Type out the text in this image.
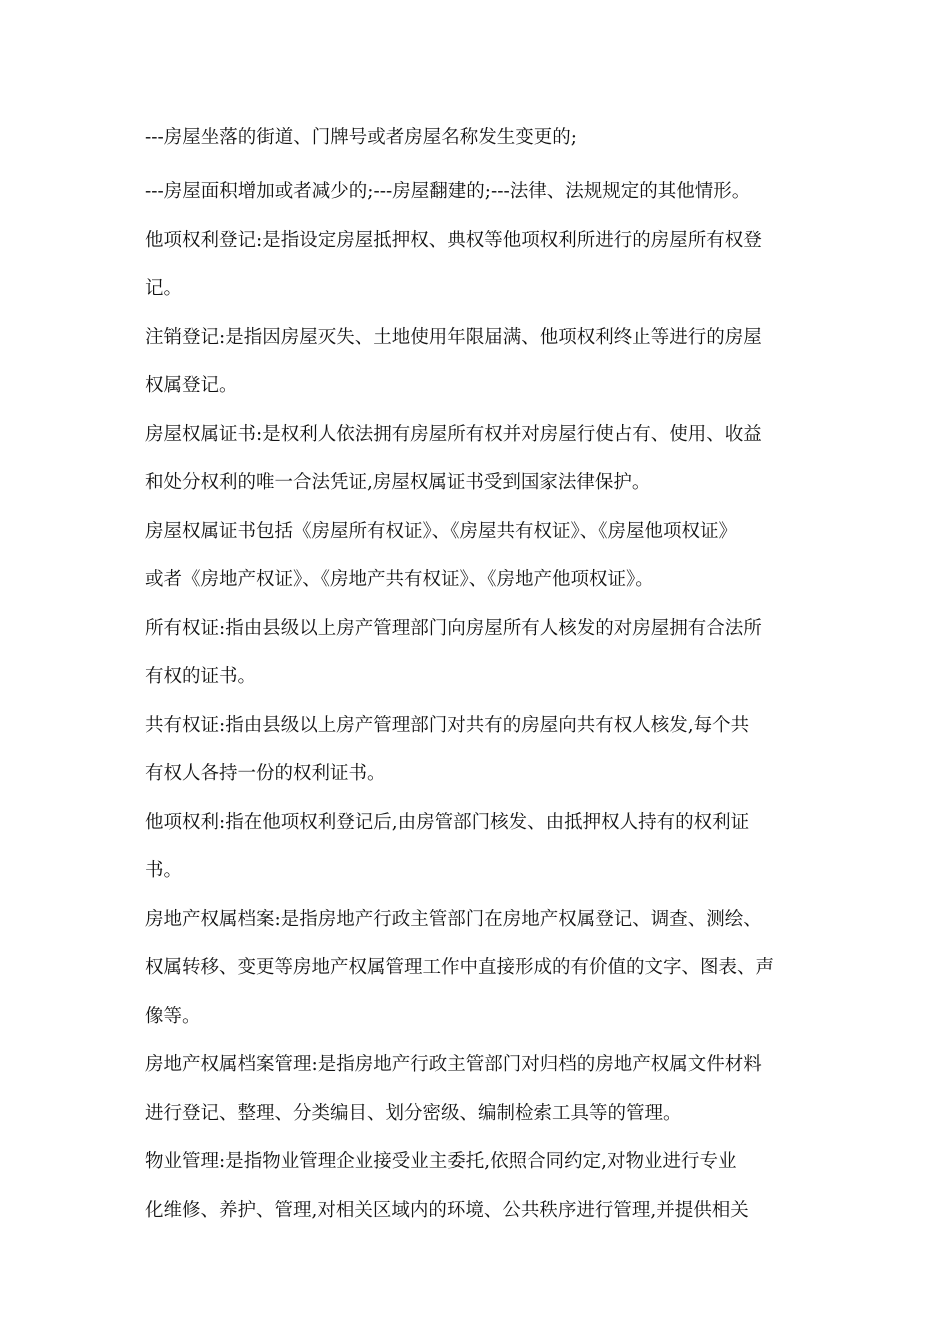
---房屋坐落的街道、门牌号或者房屋名称发生变更的;
---房屋面积增加或者减少的;---房屋翻建的;---法律、法规规定的其他情形。
他项权利登记:是指设定房屋抵押权、典权等他项权利所进行的房屋所有权登
记。
注销登记:是指因房屋灭失、土地使用年限届满、他项权利终止等进行的房屋
权属登记。
房屋权属证书:是权利人依法拥有房屋所有权并对房屋行使占有、使用、收益
和处分权利的唯一合法凭证,房屋权属证书受到国家法律保护。
房屋权属证书包括《房屋所有权证》、《房屋共有权证》、《房屋他项权证》
或者《房地产权证》、《房地产共有权证》、《房地产他项权证》。
所有权证:指由县级以上房产管理部门向房屋所有人核发的对房屋拥有合法所
有权的证书。
共有权证:指由县级以上房产管理部门对共有的房屋向共有权人核发,每个共
有权人各持一份的权利证书。
他项权利:指在他项权利登记后,由房管部门核发、由抵押权人持有的权利证
书。
房地产权属档案:是指房地产行政主管部门在房地产权属登记、调查、测绘、
权属转移、变更等房地产权属管理工作中直接形成的有价值的文字、图表、声
像等。
房地产权属档案管理:是指房地产行政主管部门对归档的房地产权属文件材料
进行登记、整理、分类编目、划分密级、编制检索工具等的管理。
物业管理:是指物业管理企业接受业主委托,依照合同约定,对物业进行专业
化维修、养护、管理,对相关区域内的环境、公共秩序进行管理,并提供相关
